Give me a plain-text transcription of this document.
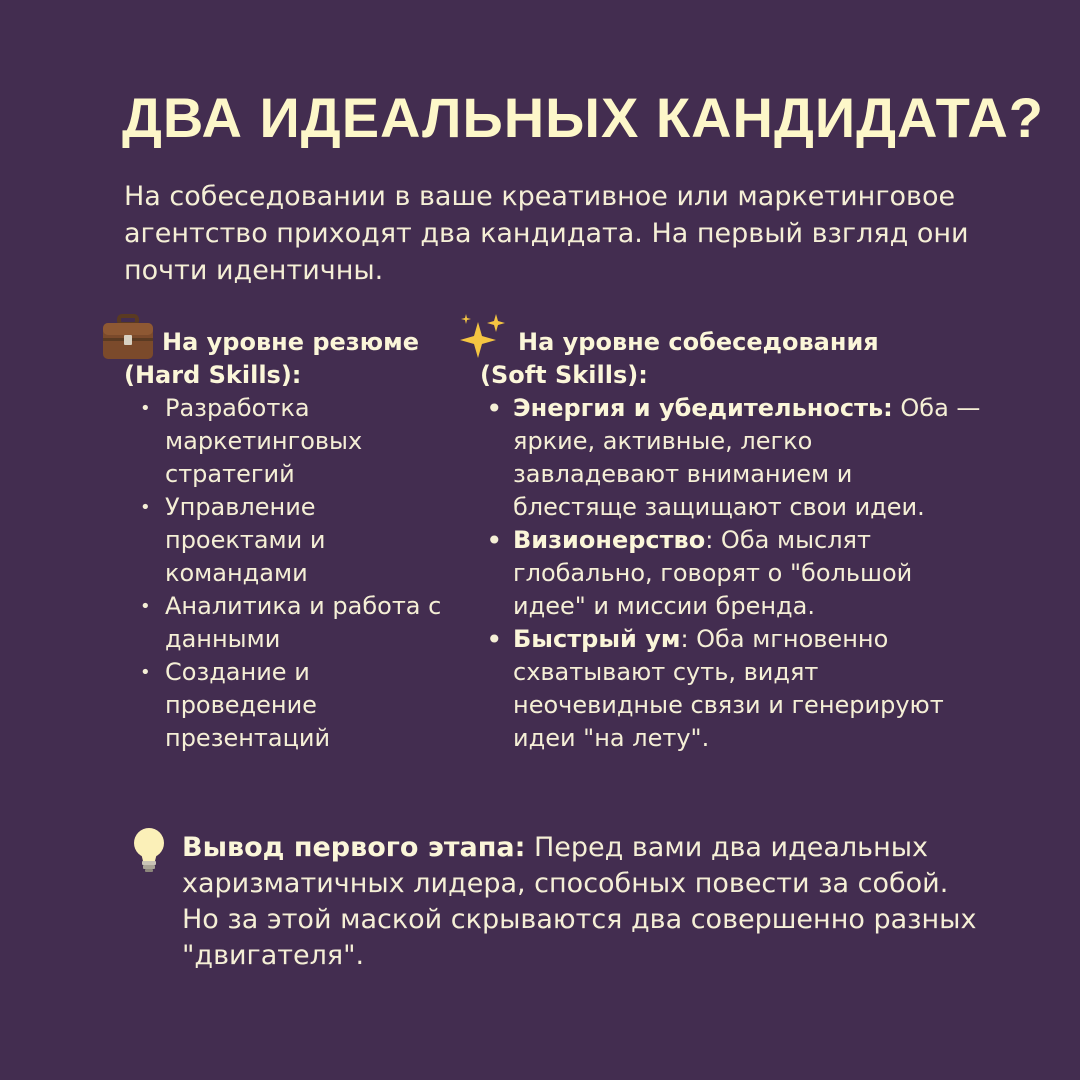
ДВА ИДЕАЛЬНЫХ КАНДИДАТА?

На собеседовании в ваше креативное или маркетинговое агентство приходят два кандидата. На первый взгляд они почти идентичны.

На уровне резюме
(Hard Skills):
• Разработка маркетинговых стратегий
• Управление проектами и командами
• Аналитика и работа с данными
• Создание и проведение презентаций
На уровне собеседования
(Soft Skills):
• Энергия и убедительность: Оба — яркие, активные, легко завладевают вниманием и блестяще защищают свои идеи.
• Визионерство: Оба мыслят глобально, говорят о "большой идее" и миссии бренда.
• Быстрый ум: Оба мгновенно схватывают суть, видят неочевидные связи и генерируют идеи "на лету".
Вывод первого этапа: Перед вами два идеальных харизматичных лидера, способных повести за собой. Но за этой маской скрываются два совершенно разных "двигателя".
